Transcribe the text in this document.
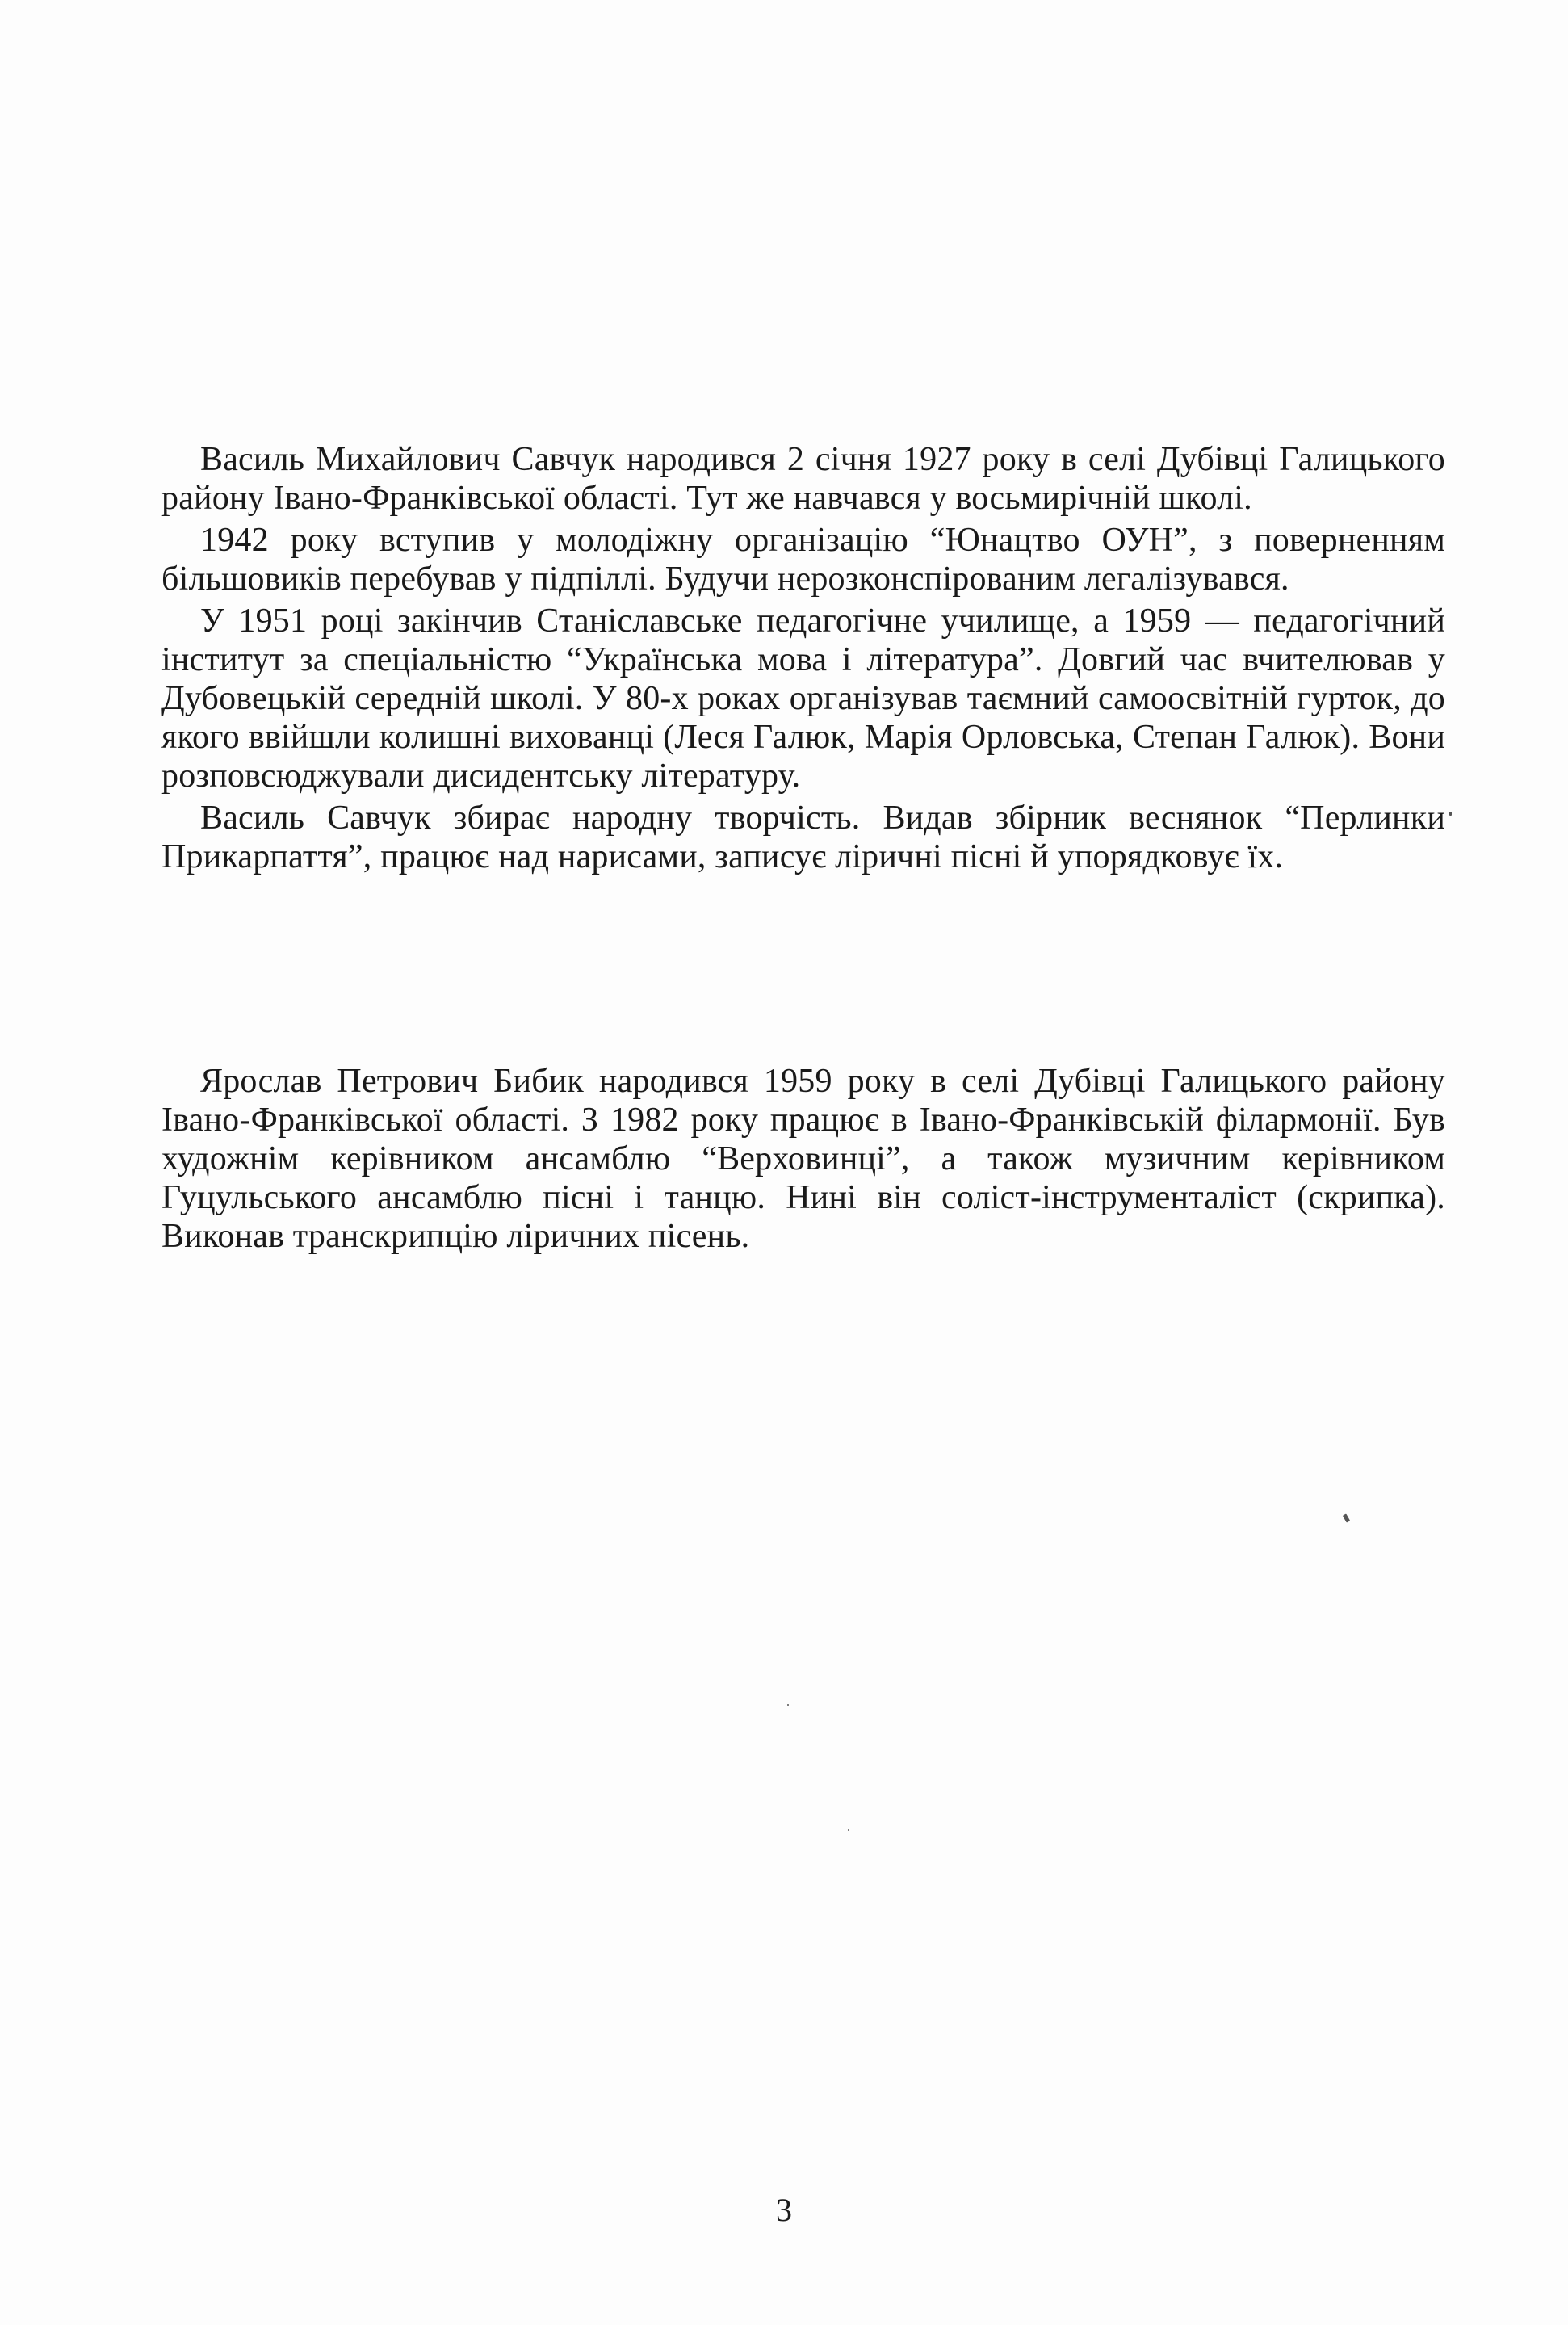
Василь Михайлович Савчук народився 2 січня 1927 року в селі Дубівці Галицького району Івано-Франківської області. Тут же навчався у восьмирічній школі.

1942 року вступив у молодіжну організацію “Юнацтво ОУН”, з поверненням більшовиків перебував у підпіллі. Будучи нерозконспірованим легалізувався.

У 1951 році закінчив Станіславське педагогічне училище, а 1959 — педагогічний інститут за спеціальністю “Українська мова і література”. Довгий час вчителював у Дубовецькій середній школі. У 80-х роках організував таємний самоосвітній гурток, до якого ввійшли колишні вихованці (Леся Галюк, Марія Орловська, Степан Галюк). Вони розповсюджували дисидентську літературу.

Василь Савчук збирає народну творчість. Видав збірник веснянок “Перлинки Прикарпаття”, працює над нарисами, записує ліричні пісні й упорядковує їх.

Ярослав Петрович Бибик народився 1959 року в селі Дубівці Галицького району Івано-Франківської області. З 1982 року працює в Івано-Франківській філармонії. Був художнім керівником ансамблю “Верховинці”, а також музичним керівником Гуцульського ансамблю пісні і танцю. Нині він соліст-інструменталіст (скрипка). Виконав транскрипцію ліричних пісень.

3
